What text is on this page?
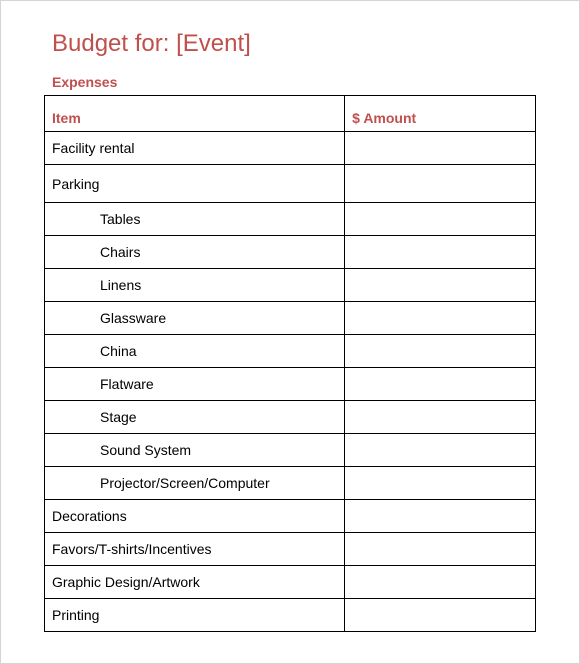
Budget for: [Event]
Expenses
Item	$ Amount
Facility rental	
Parking	
Tables	
Chairs	
Linens	
Glassware	
China	
Flatware	
Stage	
Sound System	
Projector/Screen/Computer	
Decorations	
Favors/T-shirts/Incentives	
Graphic Design/Artwork	
Printing	
